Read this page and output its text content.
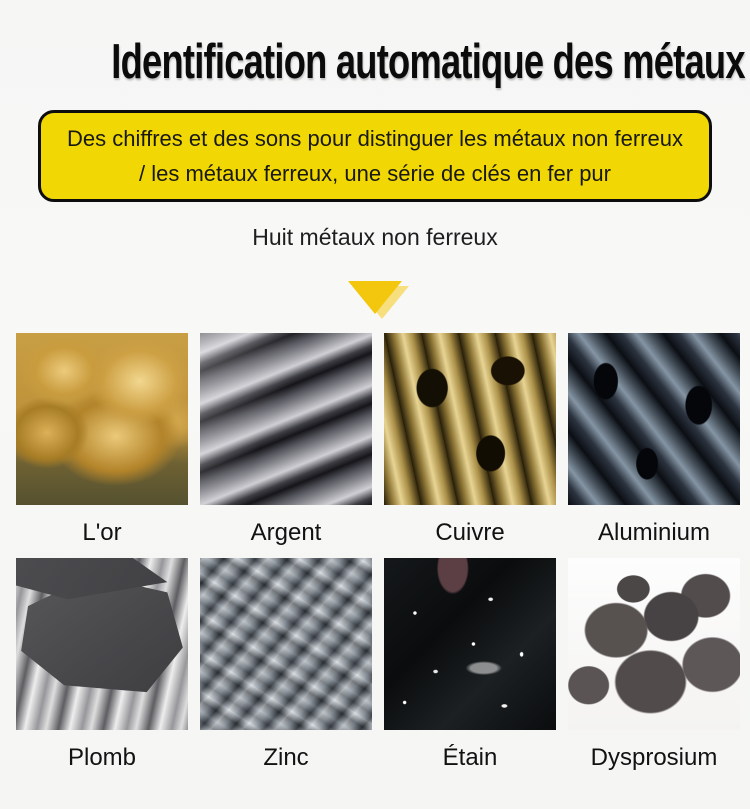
Identification automatique des métaux
Des chiffres et des sons pour distinguer les métaux non ferreux
/ les métaux ferreux, une série de clés en fer pur
Huit métaux non ferreux
L'or	Argent	Cuivre	Aluminium
Plomb	Zinc	Étain	Dysprosium
